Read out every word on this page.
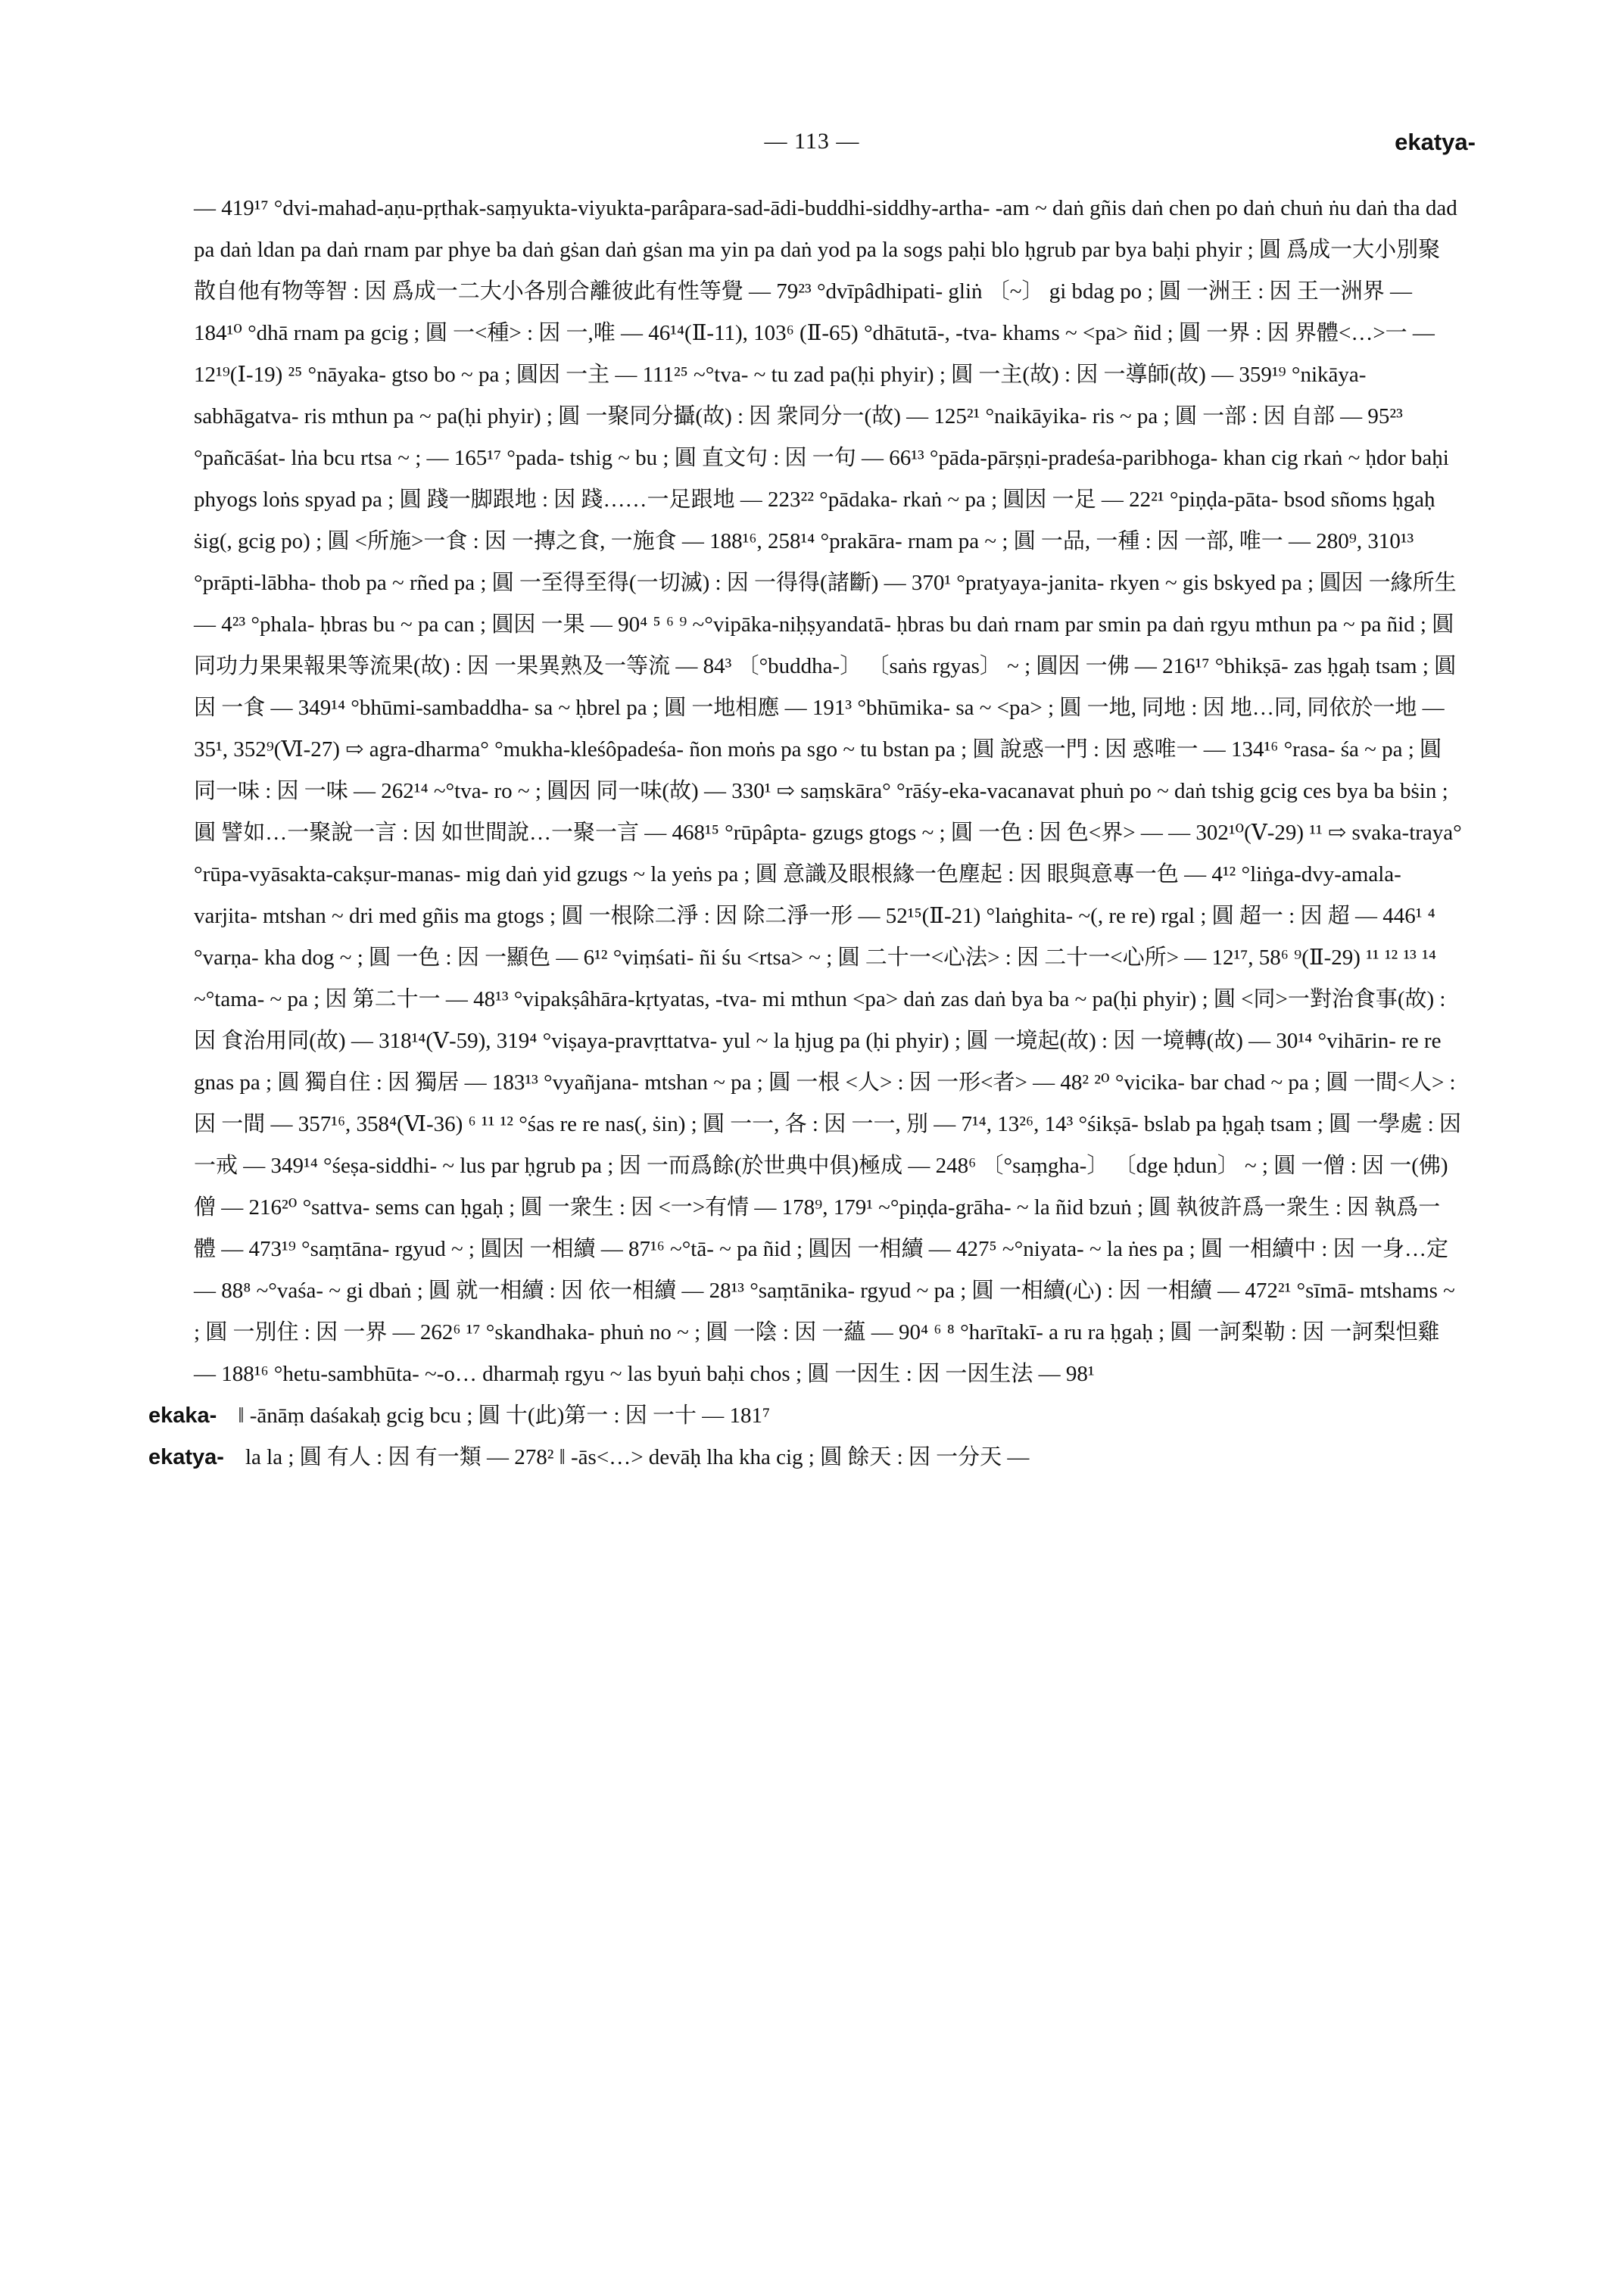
— 113 —	ekatya-

— 419¹⁷ °dvi-mahad-aṇu-pṛthak-saṃyukta-viyukta-parâpara-sad-ādi-buddhi-siddhy-artha- -am ~ daṅ gñis daṅ chen po daṅ chuṅ ṅu daṅ tha dad pa daṅ ldan pa daṅ rnam par phye ba daṅ gṡan daṅ gṡan ma yin pa daṅ yod pa la sogs paḥi blo ḥgrub par bya baḥi phyir ; 圓 爲成一大小別聚散自他有物等智 : 因 爲成一二大小各別合離彼此有性等覺 — 79²³ °dvīpâdhipati- gliṅ 〔~〕 gi bdag po ; 圓 一洲王 : 因 王一洲界 — 184¹⁰ °dhā rnam pa gcig ; 圓 一<種> : 因 一,唯 — 46¹⁴(Ⅱ-11), 103⁶ (Ⅱ-65) °dhātutā-, -tva- khams ~ <pa> ñid ; 圓 一界 : 因 界體<…>一 — 12¹⁹(Ⅰ-19) ²⁵ °nāyaka- gtso bo ~ pa ; 圓因 一主 — 111²⁵ ~°tva- ~ tu zad pa(ḥi phyir) ; 圓 一主(故) : 因 一導師(故) — 359¹⁹ °nikāya-sabhāgatva- ris mthun pa ~ pa(ḥi phyir) ; 圓 一聚同分攝(故) : 因 衆同分一(故) — 125²¹ °naikāyika- ris ~ pa ; 圓 一部 : 因 自部 — 95²³ °pañcāśat- lṅa bcu rtsa ~ ; — 165¹⁷ °pada- tshig ~ bu ; 圓 直文句 : 因 一句 — 66¹³ °pāda-pārṣṇi-pradeśa-paribhoga- khan cig rkaṅ ~ ḥdor baḥi phyogs loṅs spyad pa ; 圓 踐一脚跟地 : 因 踐……一足跟地 — 223²² °pādaka- rkaṅ ~ pa ; 圓因 一足 — 22²¹ °piṇḍa-pāta- bsod sñoms ḥgaḥ ṡig(, gcig po) ; 圓 <所施>一食 : 因 一摶之食, 一施食 — 188¹⁶, 258¹⁴ °prakāra- rnam pa ~ ; 圓 一品, 一種 : 因 一部, 唯一 — 280⁹, 310¹³ °prāpti-lābha- thob pa ~ rñed pa ; 圓 一至得至得(一切滅) : 因 一得得(諸斷) — 370¹ °pratyaya-janita- rkyen ~ gis bskyed pa ; 圓因 一緣所生 — 4²³ °phala- ḥbras bu ~ pa can ; 圓因 一果 — 90⁴ ⁵ ⁶ ⁹ ~°vipāka-niḥṣyandatā- ḥbras bu daṅ rnam par smin pa daṅ rgyu mthun pa ~ pa ñid ; 圓 同功力果果報果等流果(故) : 因 一果異熟及一等流 — 84³ 〔°buddha-〕 〔saṅs rgyas〕 ~ ; 圓因 一佛 — 216¹⁷ °bhikṣā- zas ḥgaḥ tsam ; 圓因 一食 — 349¹⁴ °bhūmi-sambaddha- sa ~ ḥbrel pa ; 圓 一地相應 — 191³ °bhūmika- sa ~ <pa> ; 圓 一地, 同地 : 因 地…同, 同依於一地 — 35¹, 352⁹(Ⅵ-27) ⇨ agra-dharma° °mukha-kleśôpadeśa- ñon moṅs pa sgo ~ tu bstan pa ; 圓 說惑一門 : 因 惑唯一 — 134¹⁶ °rasa- śa ~ pa ; 圓 同一味 : 因 一味 — 262¹⁴ ~°tva- ro ~ ; 圓因 同一味(故) — 330¹ ⇨ saṃskāra° °rāśy-eka-vacanavat phuṅ po ~ daṅ tshig gcig ces bya ba bṡin ; 圓 譬如…一聚說一言 : 因 如世間說…一聚一言 — 468¹⁵ °rūpâpta- gzugs gtogs ~ ; 圓 一色 : 因 色<界> — — 302¹⁰(Ⅴ-29) ¹¹ ⇨ svaka-traya° °rūpa-vyāsakta-cakṣur-manas- mig daṅ yid gzugs ~ la yeṅs pa ; 圓 意識及眼根緣一色塵起 : 因 眼與意專一色 — 4¹² °liṅga-dvy-amala-varjita- mtshan ~ dri med gñis ma gtogs ; 圓 一根除二淨 : 因 除二淨一形 — 52¹⁵(Ⅱ-21) °laṅghita- ~(, re re) rgal ; 圓 超一 : 因 超 — 446¹ ⁴ °varṇa- kha dog ~ ; 圓 一色 : 因 一顯色 — 6¹² °viṃśati- ñi śu <rtsa> ~ ; 圓 二十一<心法> : 因 二十一<心所> — 12¹⁷, 58⁶ ⁹(Ⅱ-29) ¹¹ ¹² ¹³ ¹⁴ ~°tama- ~ pa ; 因 第二十一 — 48¹³ °vipakṣâhāra-kṛtyatas, -tva- mi mthun <pa> daṅ zas daṅ bya ba ~ pa(ḥi phyir) ; 圓 <同>一對治食事(故) : 因 食治用同(故) — 318¹⁴(Ⅴ-59), 319⁴ °viṣaya-pravṛttatva- yul ~ la ḥjug pa (ḥi phyir) ; 圓 一境起(故) : 因 一境轉(故) — 30¹⁴ °vihārin- re re gnas pa ; 圓 獨自住 : 因 獨居 — 183¹³ °vyañjana- mtshan ~ pa ; 圓 一根 <人> : 因 一形<者> — 48² ²⁰ °vicika- bar chad ~ pa ; 圓 一間<人> : 因 一間 — 357¹⁶, 358⁴(Ⅵ-36) ⁶ ¹¹ ¹² °śas re re nas(, ṡin) ; 圓 一一, 各 : 因 一一, 別 — 7¹⁴, 13²⁶, 14³ °śikṣā- bslab pa ḥgaḥ tsam ; 圓 一學處 : 因 一戒 — 349¹⁴ °śeṣa-siddhi- ~ lus par ḥgrub pa ; 因 一而爲餘(於世典中俱)極成 — 248⁶ 〔°saṃgha-〕 〔dge ḥdun〕 ~ ; 圓 一僧 : 因 一(佛)僧 — 216²⁰ °sattva- sems can ḥgaḥ ; 圓 一衆生 : 因 <一>有情 — 178⁹, 179¹ ~°piṇḍa-grāha- ~ la ñid bzuṅ ; 圓 執彼許爲一衆生 : 因 執爲一體 — 473¹⁹ °saṃtāna- rgyud ~ ; 圓因 一相續 — 87¹⁶ ~°tā- ~ pa ñid ; 圓因 一相續 — 427⁵ ~°niyata- ~ la ṅes pa ; 圓 一相續中 : 因 一身…定 — 88⁸ ~°vaśa- ~ gi dbaṅ ; 圓 就一相續 : 因 依一相續 — 28¹³ °saṃtānika- rgyud ~ pa ; 圓 一相續(心) : 因 一相續 — 472²¹ °sīmā- mtshams ~ ; 圓 一別住 : 因 一界 — 262⁶ ¹⁷ °skandhaka- phuṅ no ~ ; 圓 一陰 : 因 一蘊 — 90⁴ ⁶ ⁸ °harītakī- a ru ra ḥgaḥ ; 圓 一訶梨勒 : 因 一訶梨怛雞 — 188¹⁶ °hetu-sambhūta- ~-o… dharmaḥ rgyu ~ las byuṅ baḥi chos ; 圓 一因生 : 因 一因生法 — 98¹

ekaka- ‖ -ānāṃ daśakaḥ gcig bcu ; 圓 十(此)第一 : 因 一十 — 181⁷

ekatya- la la ; 圓 有人 : 因 有一類 — 278² ‖ -ās<…> devāḥ lha kha cig ; 圓 餘天 : 因 一分天 —
